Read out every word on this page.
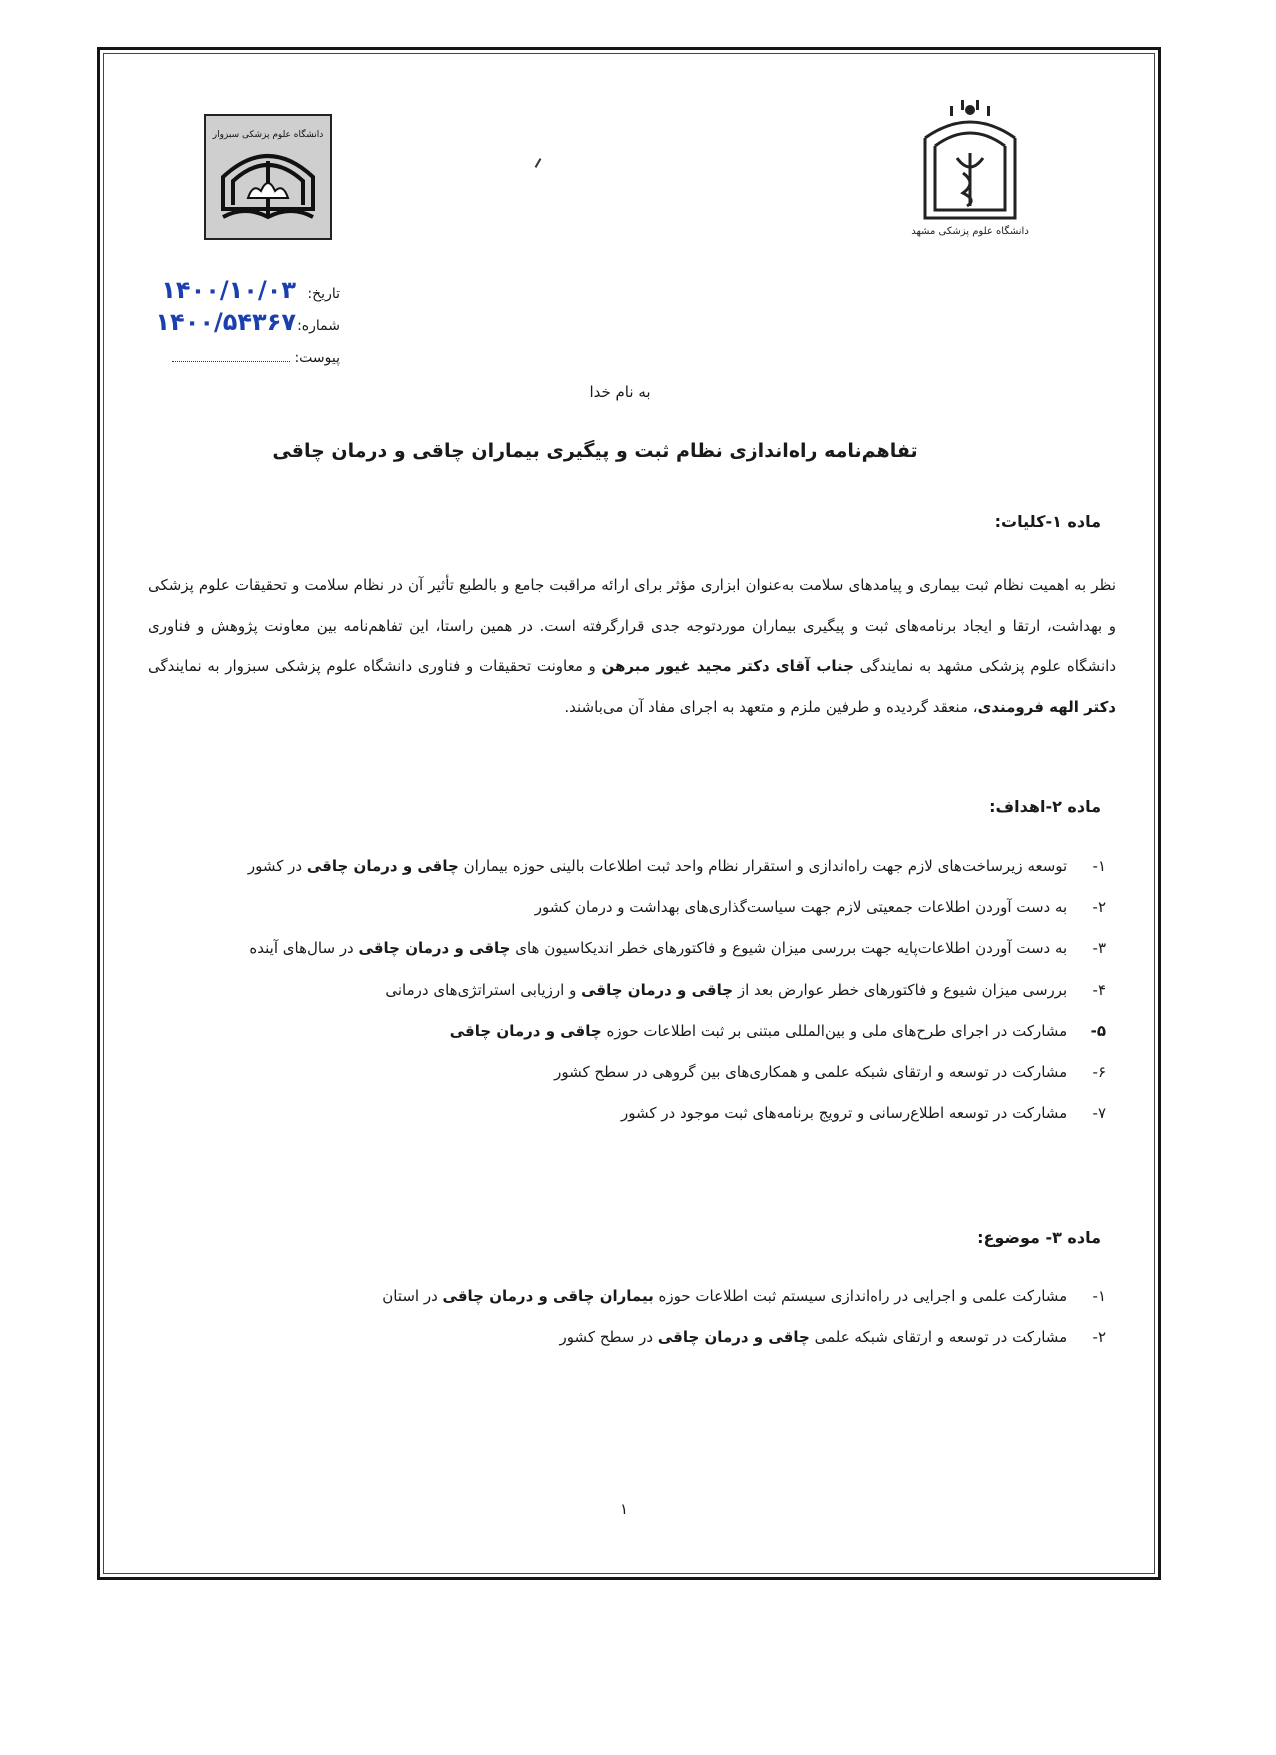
دانشگاه علوم پزشکی مشهد
دانشگاه علوم پزشکی سبزوار
تاریخ:
۱۴۰۰/۱۰/۰۳
شماره:
۱۴۰۰/۵۴۳۶۷
پیوست:
به نام خدا
تفاهم‌نامه راه‌اندازی نظام ثبت و پیگیری بیماران چاقی و درمان چاقی
ماده ۱-کلیات:
نظر به اهمیت نظام ثبت بیماری و پیامدهای سلامت به‌عنوان ابزاری مؤثر برای ارائه مراقبت جامع و بالطبع تأثیر آن در نظام سلامت و تحقیقات علوم پزشکی و بهداشت، ارتقا و ایجاد برنامه‌های ثبت و پیگیری بیماران موردتوجه جدی قرارگرفته است. در همین راستا، این تفاهم‌نامه بین معاونت پژوهش و فناوری دانشگاه علوم پزشکی مشهد به نمایندگی جناب آقای دکتر مجید غیور مبرهن و معاونت تحقیقات و فناوری دانشگاه علوم پزشکی سبزوار به نمایندگی دکتر الهه فرومندی، منعقد گردیده و طرفین ملزم و متعهد به اجرای مفاد آن می‌باشند.
ماده ۲-اهداف:
۱- توسعه زیرساخت‌های لازم جهت راه‌اندازی و استقرار نظام واحد ثبت اطلاعات بالینی حوزه بیماران چاقی و درمان چاقی در کشور
۲- به دست آوردن اطلاعات جمعیتی لازم جهت سیاست‌گذاری‌های بهداشت و درمان کشور
۳- به دست آوردن اطلاعات‌پایه جهت بررسی میزان شیوع و فاکتورهای خطر اندیکاسیون های چاقی و درمان چاقی در سال‌های آینده
۴- بررسی میزان شیوع و فاکتورهای خطر عوارض بعد از چاقی و درمان چاقی و ارزیابی استراتژی‌های درمانی
۵- مشارکت در اجرای طرح‌های ملی و بین‌المللی مبتنی بر ثبت اطلاعات حوزه چاقی و درمان چاقی
۶- مشارکت در توسعه و ارتقای شبکه علمی و همکاری‌های بین گروهی در سطح کشور
۷- مشارکت در توسعه اطلاع‌رسانی و ترویج برنامه‌های ثبت موجود در کشور
ماده ۳- موضوع:
۱- مشارکت علمی و اجرایی در راه‌اندازی سیستم ثبت اطلاعات حوزه بیماران چاقی و درمان چاقی در استان
۲- مشارکت در توسعه و ارتقای شبکه علمی چاقی و درمان چاقی در سطح کشور
۱
